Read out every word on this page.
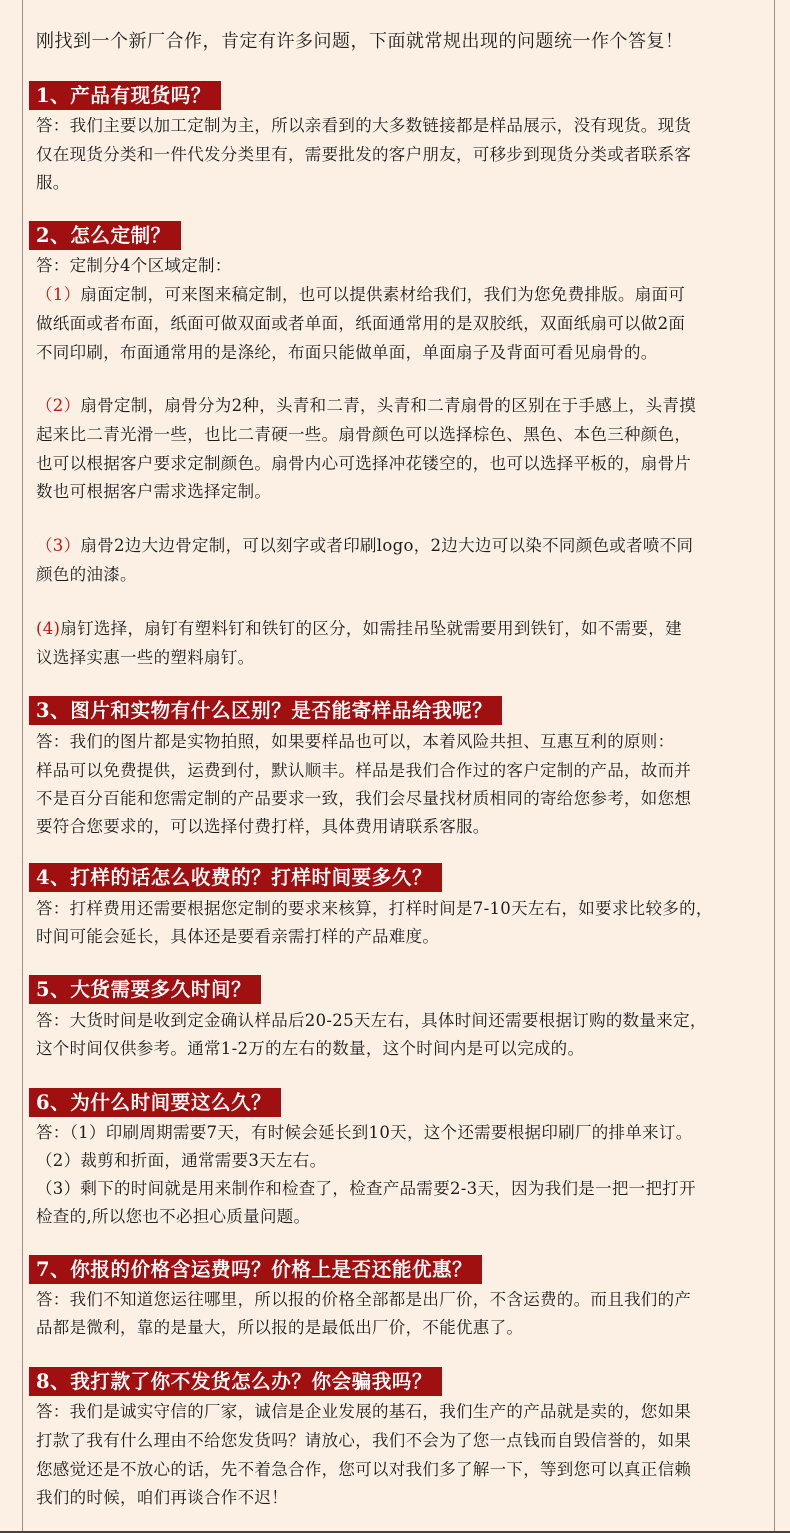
刚找到一个新厂合作，肯定有许多问题，下面就常规出现的问题统一作个答复！
1、产品有现货吗？
答：我们主要以加工定制为主，所以亲看到的大多数链接都是样品展示，没有现货。现货
仅在现货分类和一件代发分类里有，需要批发的客户朋友，可移步到现货分类或者联系客
服。
2、怎么定制？
答：定制分4个区域定制：
（1）扇面定制，可来图来稿定制，也可以提供素材给我们，我们为您免费排版。扇面可
做纸面或者布面，纸面可做双面或者单面，纸面通常用的是双胶纸，双面纸扇可以做2面
不同印刷，布面通常用的是涤纶，布面只能做单面，单面扇子及背面可看见扇骨的。
（2）扇骨定制，扇骨分为2种，头青和二青，头青和二青扇骨的区别在于手感上，头青摸
起来比二青光滑一些，也比二青硬一些。扇骨颜色可以选择棕色、黑色、本色三种颜色，
也可以根据客户要求定制颜色。扇骨内心可选择冲花镂空的，也可以选择平板的，扇骨片
数也可根据客户需求选择定制。
（3）扇骨2边大边骨定制，可以刻字或者印刷logo，2边大边可以染不同颜色或者喷不同
颜色的油漆。
(4)扇钉选择，扇钉有塑料钉和铁钉的区分，如需挂吊坠就需要用到铁钉，如不需要，建
议选择实惠一些的塑料扇钉。
3、图片和实物有什么区别？是否能寄样品给我呢？
答：我们的图片都是实物拍照，如果要样品也可以，本着风险共担、互惠互利的原则：
样品可以免费提供，运费到付，默认顺丰。样品是我们合作过的客户定制的产品，故而并
不是百分百能和您需定制的产品要求一致，我们会尽量找材质相同的寄给您参考，如您想
要符合您要求的，可以选择付费打样，具体费用请联系客服。
4、打样的话怎么收费的？打样时间要多久？
答：打样费用还需要根据您定制的要求来核算，打样时间是7-10天左右，如要求比较多的，
时间可能会延长，具体还是要看亲需打样的产品难度。
5、大货需要多久时间？
答：大货时间是收到定金确认样品后20-25天左右，具体时间还需要根据订购的数量来定，
这个时间仅供参考。通常1-2万的左右的数量，这个时间内是可以完成的。
6、为什么时间要这么久？
答：（1）印刷周期需要7天，有时候会延长到10天，这个还需要根据印刷厂的排单来订。
（2）裁剪和折面，通常需要3天左右。
（3）剩下的时间就是用来制作和检查了，检查产品需要2-3天，因为我们是一把一把打开
检查的,所以您也不必担心质量问题。
7、你报的价格含运费吗？价格上是否还能优惠？
答：我们不知道您运往哪里，所以报的价格全部都是出厂价，不含运费的。而且我们的产
品都是微利，靠的是量大，所以报的是最低出厂价，不能优惠了。
8、我打款了你不发货怎么办？你会骗我吗？
答：我们是诚实守信的厂家，诚信是企业发展的基石，我们生产的产品就是卖的，您如果
打款了我有什么理由不给您发货吗？请放心，我们不会为了您一点钱而自毁信誉的，如果
您感觉还是不放心的话，先不着急合作，您可以对我们多了解一下，等到您可以真正信赖
我们的时候，咱们再谈合作不迟！
